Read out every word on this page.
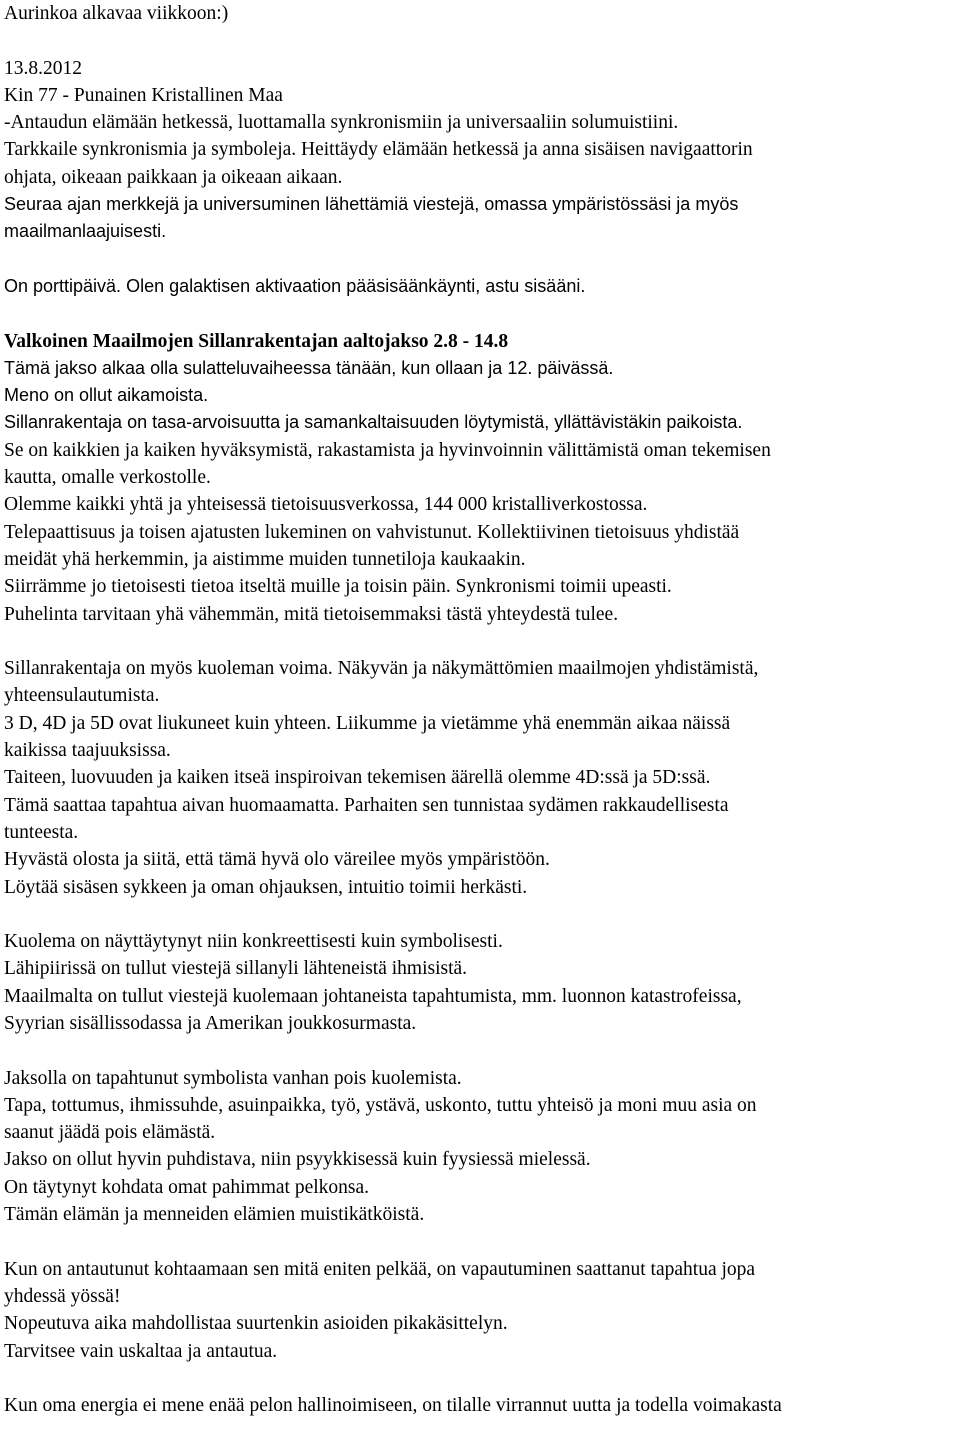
Aurinkoa alkavaa viikkoon:)
13.8.2012
Kin 77 - Punainen Kristallinen Maa
-Antaudun elämään hetkessä, luottamalla synkronismiin ja universaaliin solumuistiini.
Tarkkaile synkronismia ja symboleja. Heittäydy elämään hetkessä ja anna sisäisen navigaattorin
ohjata, oikeaan paikkaan ja oikeaan aikaan.
Seuraa ajan merkkejä ja universuminen lähettämiä viestejä, omassa ympäristössäsi ja myös
maailmanlaajuisesti.
On porttipäivä. Olen galaktisen aktivaation pääsisäänkäynti, astu sisääni.
Valkoinen Maailmojen Sillanrakentajan aaltojakso 2.8 - 14.8
Tämä jakso alkaa olla sulatteluvaiheessa tänään, kun ollaan ja 12. päivässä.
Meno on ollut aikamoista.
Sillanrakentaja on tasa-arvoisuutta ja samankaltaisuuden löytymistä, yllättävistäkin paikoista.
Se on kaikkien ja kaiken hyväksymistä, rakastamista ja hyvinvoinnin välittämistä oman tekemisen
kautta, omalle verkostolle.
Olemme kaikki yhtä ja yhteisessä tietoisuusverkossa, 144 000 kristalliverkostossa.
Telepaattisuus ja toisen ajatusten lukeminen on vahvistunut. Kollektiivinen tietoisuus yhdistää
meidät yhä herkemmin, ja aistimme muiden tunnetiloja kaukaakin.
Siirrämme jo tietoisesti tietoa itseltä muille ja toisin päin. Synkronismi toimii upeasti.
Puhelinta tarvitaan yhä vähemmän, mitä tietoisemmaksi tästä yhteydestä tulee.
Sillanrakentaja on myös kuoleman voima. Näkyvän ja näkymättömien maailmojen yhdistämistä,
yhteensulautumista.
3 D, 4D ja 5D ovat liukuneet kuin yhteen. Liikumme ja vietämme yhä enemmän aikaa näissä
kaikissa taajuuksissa.
Taiteen, luovuuden ja kaiken itseä inspiroivan tekemisen äärellä olemme 4D:ssä ja 5D:ssä.
Tämä saattaa tapahtua aivan huomaamatta. Parhaiten sen tunnistaa sydämen rakkaudellisesta
tunteesta.
Hyvästä olosta ja siitä, että tämä hyvä olo väreilee myös ympäristöön.
Löytää sisäsen sykkeen ja oman ohjauksen, intuitio toimii herkästi.
Kuolema on näyttäytynyt niin konkreettisesti kuin symbolisesti.
Lähipiirissä on tullut viestejä sillanyli lähteneistä ihmisistä.
Maailmalta on tullut viestejä kuolemaan johtaneista tapahtumista, mm. luonnon katastrofeissa,
Syyrian sisällissodassa ja Amerikan joukkosurmasta.
Jaksolla on tapahtunut symbolista vanhan pois kuolemista.
Tapa, tottumus, ihmissuhde, asuinpaikka, työ, ystävä, uskonto, tuttu yhteisö ja moni muu asia on
saanut jäädä pois elämästä.
Jakso on ollut hyvin puhdistava, niin psyykkisessä kuin fyysiessä mielessä.
On täytynyt kohdata omat pahimmat pelkonsa.
Tämän elämän ja menneiden elämien muistikätköistä.
Kun on antautunut kohtaamaan sen mitä eniten pelkää, on vapautuminen saattanut tapahtua jopa
yhdessä yössä!
Nopeutuva aika mahdollistaa suurtenkin asioiden pikakäsittelyn.
Tarvitsee vain uskaltaa ja antautua.
Kun oma energia ei mene enää pelon hallinoimiseen, on tilalle virrannut uutta ja todella voimakasta
